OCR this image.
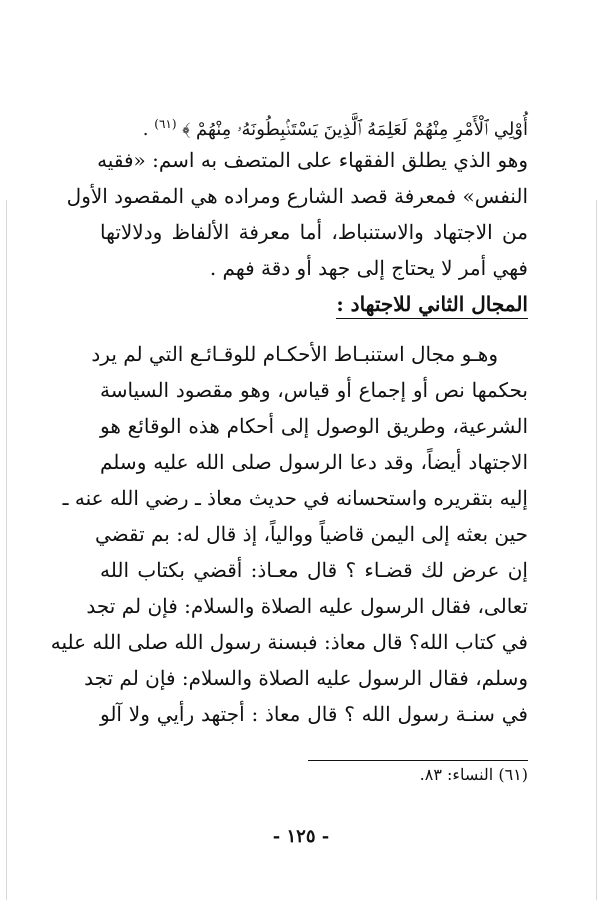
أُوْلِي ٱلْأَمْرِ مِنْهُمْ لَعَلِمَهُ ٱلَّذِينَ يَسْتَنۢبِطُونَهُۥ مِنْهُمْ ﴾ $^{(٦١)}$ .
وهو الذي يطلق الفقهاء على المتصف به اسم: «فقيه
النفس» فمعرفة قصد الشارع ومراده هي المقصود الأول
من الاجتهاد والاستنباط، أما معرفة الألفاظ ودلالاتها
فهي أمر لا يحتاج إلى جهد أو دقة فهم .
المجال الثاني للاجتهاد :
وهـو مجال استنبـاط الأحكـام للوقـائـع التي لم يرد
بحكمها نص أو إجماع أو قياس، وهو مقصود السياسة
الشرعية، وطريق الوصول إلى أحكام هذه الوقائع هو
الاجتهاد أيضاً، وقد دعا الرسول صلى الله عليه وسلم
إليه بتقريره واستحسانه في حديث معاذ ـ رضي الله عنه ـ
حين بعثه إلى اليمن قاضياً ووالياً، إذ قال له: بم تقضي
إن عرض لك قضـاء ؟ قال معـاذ: أقضي بكتاب الله
تعالى، فقال الرسول عليه الصلاة والسلام: فإن لم تجد
في كتاب الله؟ قال معاذ: فبسنة رسول الله صلى الله عليه
وسلم، فقال الرسول عليه الصلاة والسلام: فإن لم تجد
في سنـة رسول الله ؟ قال معاذ : أجتهد رأيي ولا آلو
(٦١) النساء: ٨٣.
- ١٢٥ -
